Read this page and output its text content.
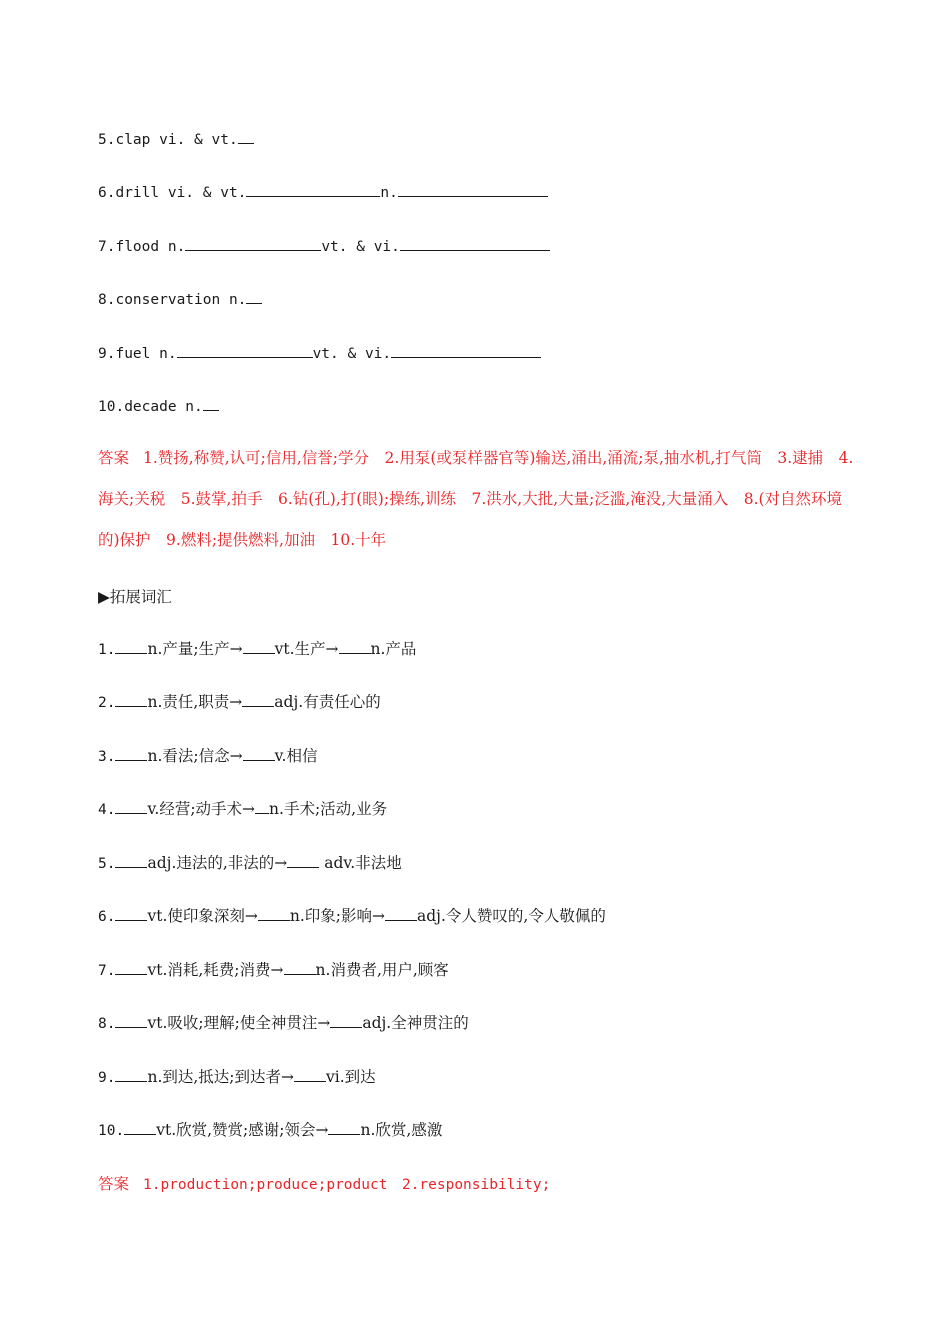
5.clap vi. & vt.
6.drill vi. & vt.	n.
7.flood n.	vt. & vi.
8.conservation n.
9.fuel n.	vt. & vi.
10.decade n.
答案 1.赞扬,称赞,认可;信用,信誉;学分　2.用泵(或泵样器官等)输送,涌出,涌流;泵,抽水机,打气筒　3.逮捕　4.海关;关税　5.鼓掌,拍手　6.钻(孔),打(眼);操练,训练　7.洪水,大批,大量;泛滥,淹没,大量涌入　8.(对自然环境的)保护　9.燃料;提供燃料,加油　10.十年
▶拓展词汇
1. n.产量;生产→ vt.生产→ n.产品
2. n.责任,职责→ adj.有责任心的
3. n.看法;信念→ v.相信
4. v.经营;动手术→ n.手术;活动,业务
5. adj.违法的,非法的→ adv.非法地
6. vt.使印象深刻→ n.印象;影响→ adj.令人赞叹的,令人敬佩的
7. vt.消耗,耗费;消费→ n.消费者,用户,顾客
8. vt.吸收;理解;使全神贯注→ adj.全神贯注的
9. n.到达,抵达;到达者→ vi.到达
10. vt.欣赏,赞赏;感谢;领会→ n.欣赏,感激
答案 1.production;produce;product　2.responsibility;
